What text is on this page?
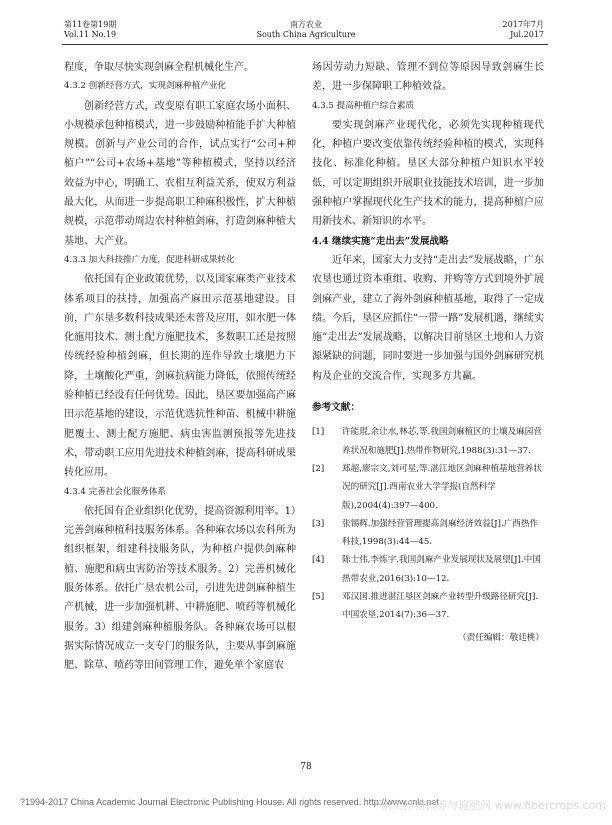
第11卷第19期
Vol.11 No.19
南方农业
South China Agriculture
2017年7月
Jul.2017

程度，争取尽快实现剑麻全程机械化生产。

4.3.2 创新经营方式，实现剑麻种植产业化

创新经营方式，改变原有职工家庭农场小面积、小规模承包种植模式，进一步鼓励种植能手扩大种植规模。创新与产业公司的合作，试点实行“公司+种植户”“公司+农场+基地”等种植模式，坚持以经济效益为中心，明确工、农相互利益关系，使双方利益最大化，从而进一步提高职工种麻积极性，扩大种植规模，示范带动周边农村种植剑麻，打造剑麻种植大基地、大产业。

4.3.3 加大科技推广力度，促进科研成果转化

依托国有企业政策优势，以及国家麻类产业技术体系项目的扶持，加强高产麻田示范基地建设。目前，广东垦多数科技成果还未普及应用，如水肥一体化施用技术、测土配方施肥技术，多数职工还是按照传统经验种植剑麻，但长期的连作导致土壤肥力下降，土壤酸化严重，剑麻抗病能力降低，依照传统经验种植已经没有任何优势。因此，垦区要加强高产麻田示范基地的建设，示范优选抗性种苗、机械中耕施肥覆土、测土配方施肥、病虫害监测预报等先进技术，带动职工应用先进技术种植剑麻，提高科研成果转化应用。

4.3.4 完善社会化服务体系

依托国有企业组织化优势，提高资源利用率。1）完善剑麻种植科技服务体系。各种麻农场以农科所为组织框架，组建科技服务队，为种植户提供剑麻种植、施肥和病虫害防治等技术服务。2）完善机械化服务体系。依托广垦农机公司，引进先进剑麻种植生产机械，进一步加强机耕、中耕施肥、喷药等机械化服务。3）组建剑麻种植服务队。各种麻农场可以根据实际情况成立一支专门的服务队，主要从事剑麻施肥、除草、喷药等田间管理工作，避免单个家庭农

场因劳动力短缺、管理不到位等原因导致剑麻生长差，进一步保障职工种植效益。

4.3.5 提高种植户综合素质

要实现剑麻产业现代化，必须先实现种植现代化，种植户要改变依靠传统经验种植的模式，实现科技化、标准化种植。垦区大部分种植户知识水平较低，可以定期组织开展职业技能技术培训，进一步加强种植户掌握现代化生产技术的能力，提高种植户应用新技术、新知识的水平。

4.4 继续实施“走出去”发展战略

近年来，国家大力支持“走出去”发展战略，广东农垦也通过资本重组、收购、并购等方式到境外扩展剑麻产业，建立了海外剑麻种植基地，取得了一定成绩。今后，垦区应抓住“一带一路”发展机遇，继续实施“走出去”发展战略，以解决目前垦区土地和人力资源紧缺的问题，同时要进一步加强与国外剑麻研究机构及企业的交流合作，实现多方共赢。

参考文献：

[1]	许能琨,余让水,林芯,等.我国剑麻植区的土壤及麻园营养状况和施肥[J].热带作物研究,1988(3):31—37.
[2]	郑超,廖宗文,刘可星,等.湛江地区剑麻种植基地营养状况的研究[J].西南农业大学学报(自然科学版),2004(4):397—400.
[3]	张锡辉.加强经营管理提高剑麻经济效益[J].广西热作科技,1998(3):44—45.
[4]	陈士伟,李炼宇.我国剑麻产业发展现状及展望[J].中国热带农业,2016(3):10—12.
[5]	邓汉国.推进湛江垦区剑麻产业转型升级路径研究[J].中国农垦,2014(7):36—37.

（责任编辑：敬廷桃）

78
?1994-2017 China Academic Journal Electronic Publishing House. All rights reserved. http://www.cnki.net
麻类作物营养与施肥网 www.fibercrops.com
